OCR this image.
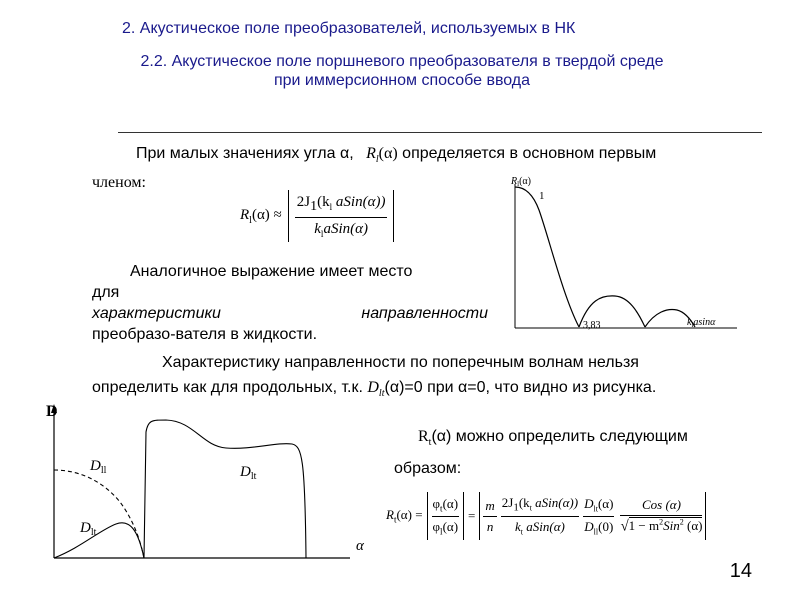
2. Акустическое поле преобразователей, используемых в НК
2.2. Акустическое поле поршневого преобразователя в твердой среде
при иммерсионном способе ввода
При малых значениях угла α, $R_l(\alpha)$ определяется в основном первым
членом:
$R_l(\alpha) \approx \frac{2J_1(k_l aSin(\alpha))}{k_laSin(\alpha)}$
Аналогичное выражение имеет место
для
характеристики	направленности
преобразо-вателя в жидкости.
Характеристику направленности по поперечным волнам нельзя
определить как для продольных, т.к. $D_{lt}(\alpha)=0$ при α=0, что видно из рисунка.
$R_t(\alpha)$ можно определить следующим
образом:
$R_t(\alpha) = \frac{\varphi_t(\alpha)}{\varphi_l(\alpha)} = \frac{m}{n} \frac{2J_1(k_t aSin(\alpha))}{k_t aSin(\alpha)} \frac{D_{lt}(\alpha)}{D_{ll}(0)} \frac{\text{Cos (α)}}{√1 - m^2Sin^2 (\alpha)}$
$R_l(\alpha)$
1
3,83	$k_lasin\alpha$
D
α
$D_{ll}$	$D_{lt}$
$D_{lt}$
14
